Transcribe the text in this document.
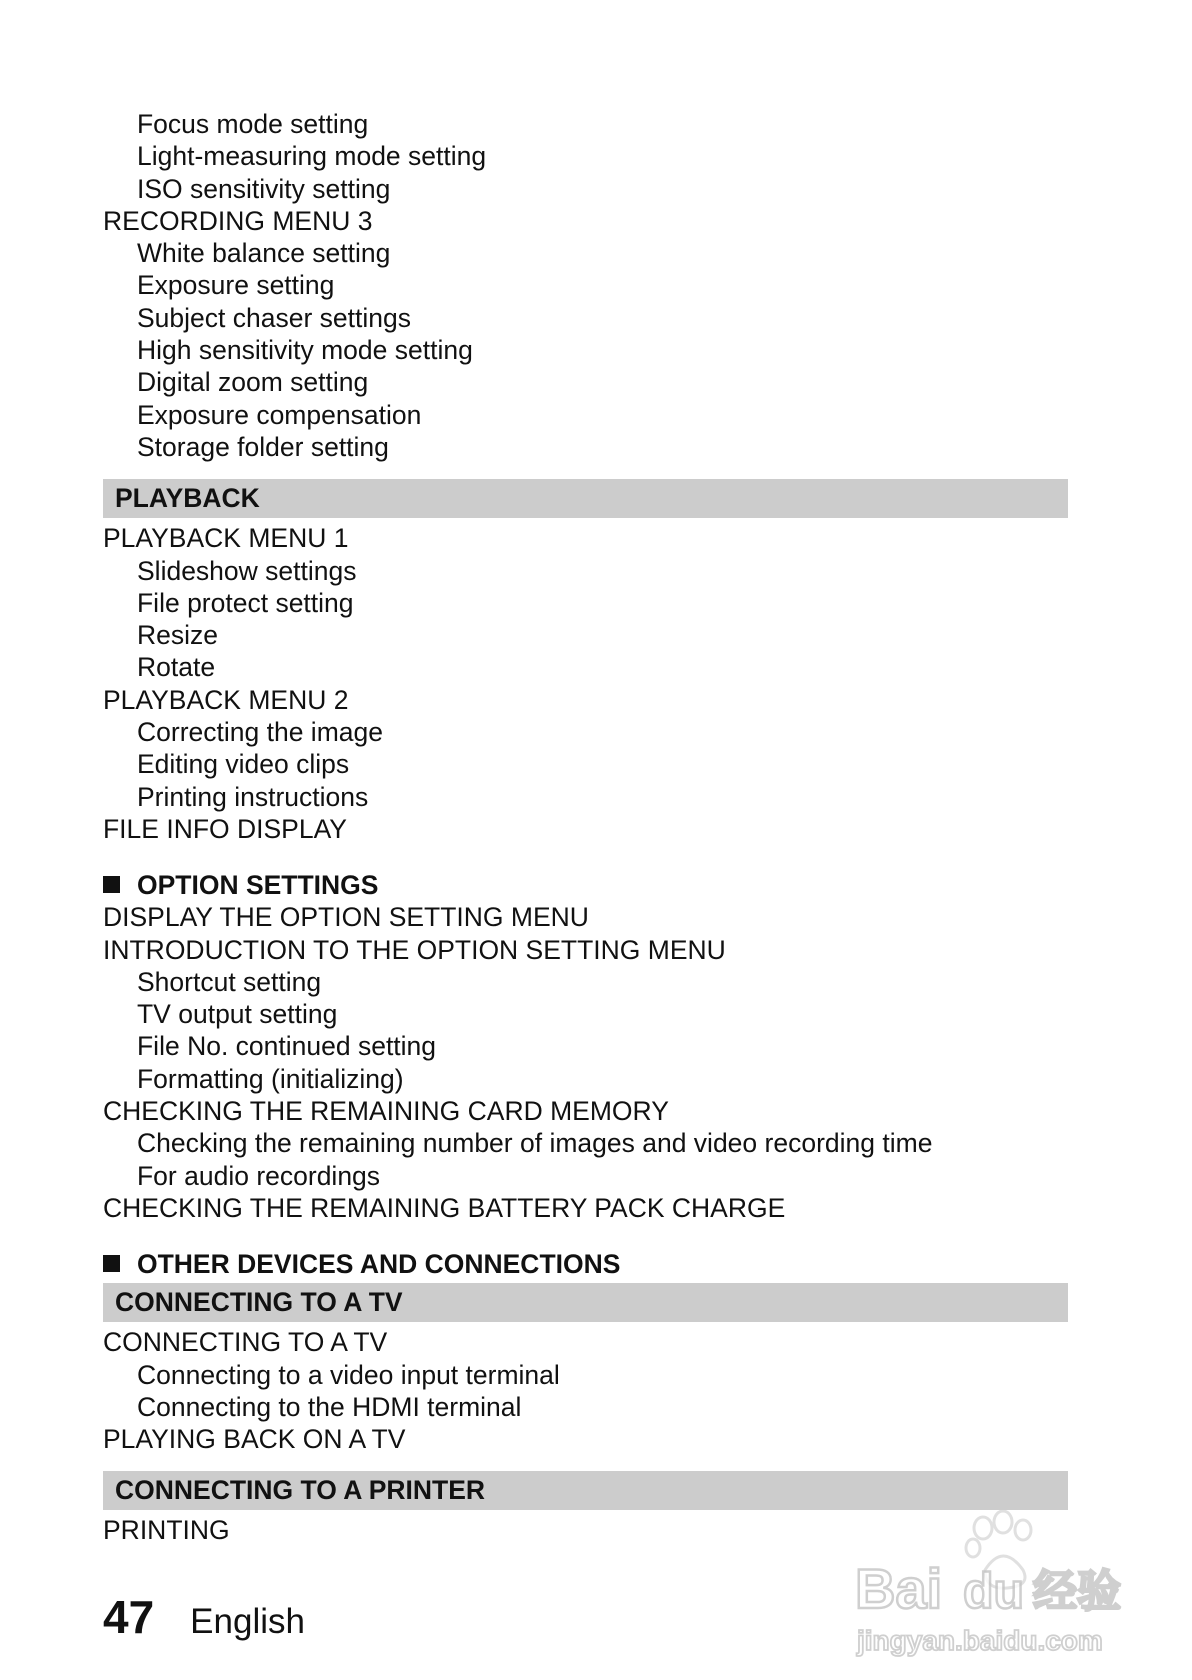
Focus mode setting
Light-measuring mode setting
ISO sensitivity setting
RECORDING MENU 3
White balance setting
Exposure setting
Subject chaser settings
High sensitivity mode setting
Digital zoom setting
Exposure compensation
Storage folder setting
PLAYBACK
PLAYBACK MENU 1
Slideshow settings
File protect setting
Resize
Rotate
PLAYBACK MENU 2
Correcting the image
Editing video clips
Printing instructions
FILE INFO DISPLAY
OPTION SETTINGS
DISPLAY THE OPTION SETTING MENU
INTRODUCTION TO THE OPTION SETTING MENU
Shortcut setting
TV output setting
File No. continued setting
Formatting (initializing)
CHECKING THE REMAINING CARD MEMORY
Checking the remaining number of images and video recording time
For audio recordings
CHECKING THE REMAINING BATTERY PACK CHARGE
OTHER DEVICES AND CONNECTIONS
CONNECTING TO A TV
CONNECTING TO A TV
Connecting to a video input terminal
Connecting to the HDMI terminal
PLAYING BACK ON A TV
CONNECTING TO A PRINTER
PRINTING
47 English
Bai du 经验
jingyan.baidu.com
